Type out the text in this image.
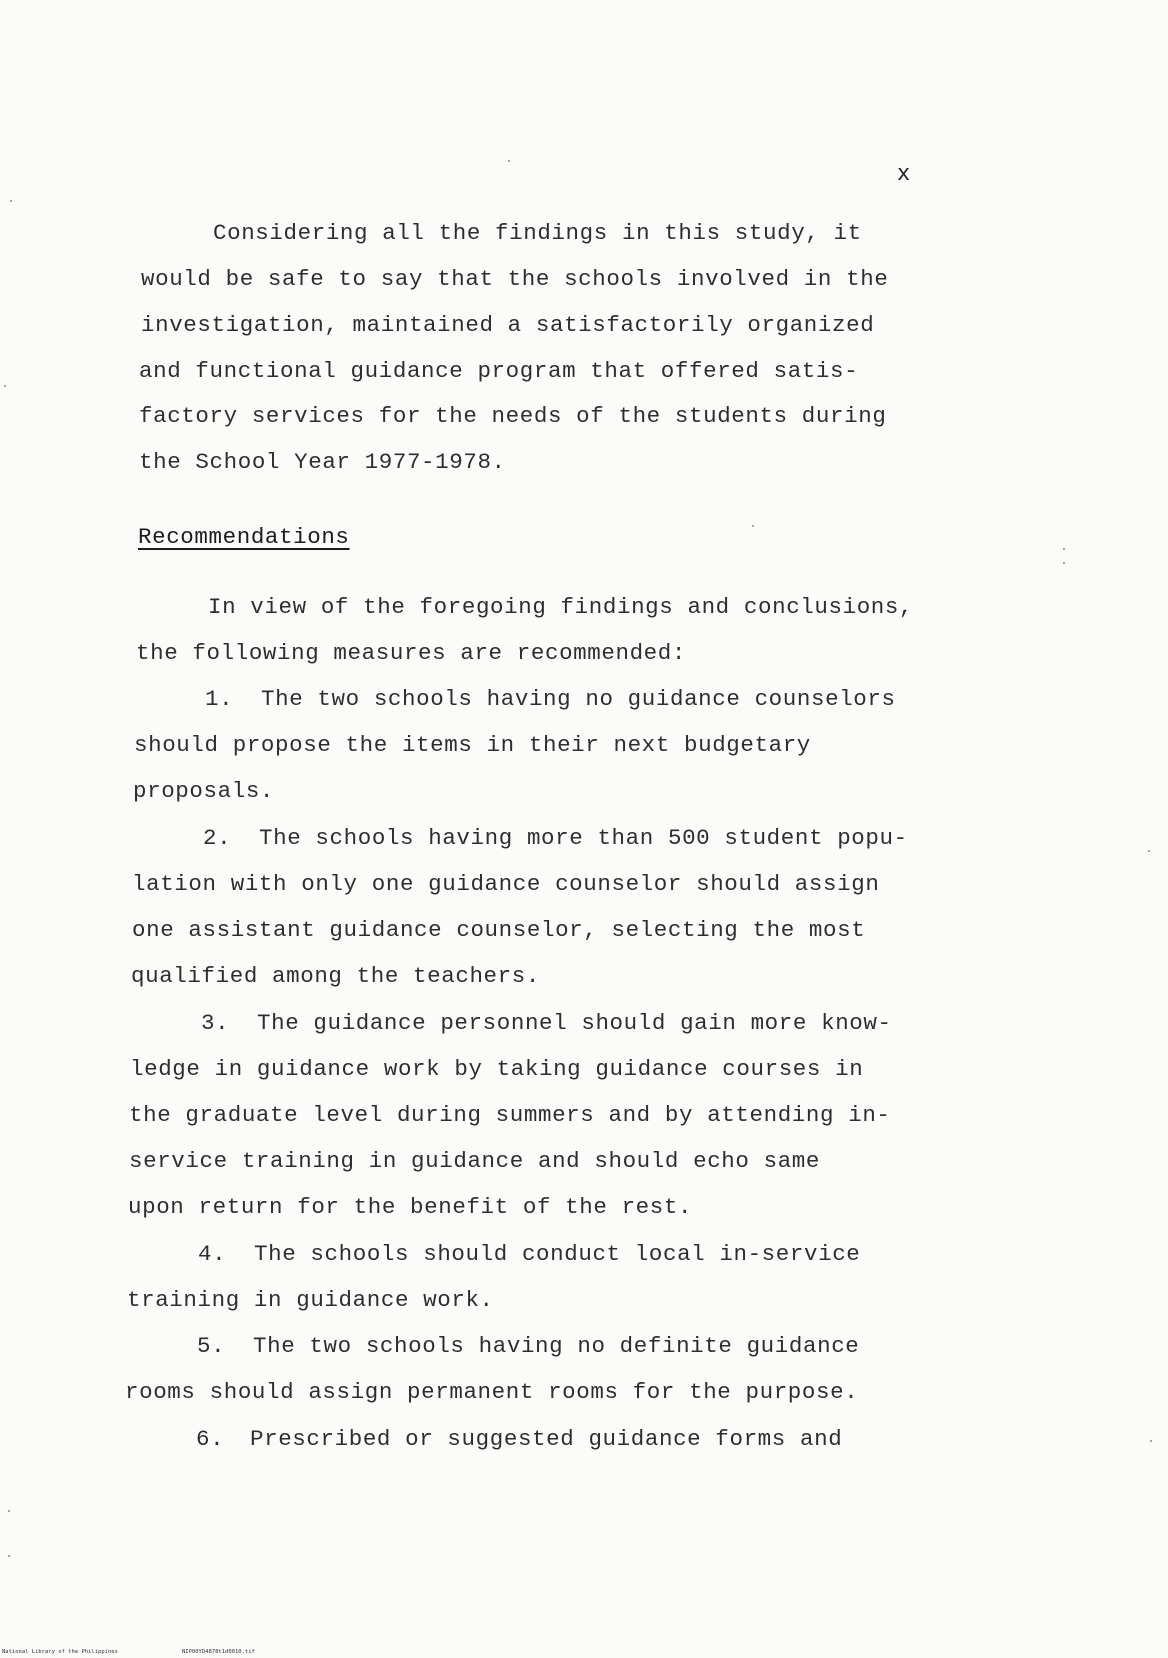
x
Considering all the findings in this study, it
would be safe to say that the schools involved in the
investigation, maintained a satisfactorily organized
and functional guidance program that offered satis-
factory services for the needs of the students during
the School Year 1977-1978.
Recommendations
In view of the foregoing findings and conclusions,
the following measures are recommended:
1. The two schools having no guidance counselors
should propose the items in their next budgetary
proposals.
2. The schools having more than 500 student popu-
lation with only one guidance counselor should assign
one assistant guidance counselor, selecting the most
qualified among the teachers.
3. The guidance personnel should gain more know-
ledge in guidance work by taking guidance courses in
the graduate level during summers and by attending in-
service training in guidance and should echo same
upon return for the benefit of the rest.
4. The schools should conduct local in-service
training in guidance work.
5. The two schools having no definite guidance
rooms should assign permanent rooms for the purpose.
6. Prescribed or suggested guidance forms and
National Library of the Philippines	NIP00YD4878t1d0010.tif
